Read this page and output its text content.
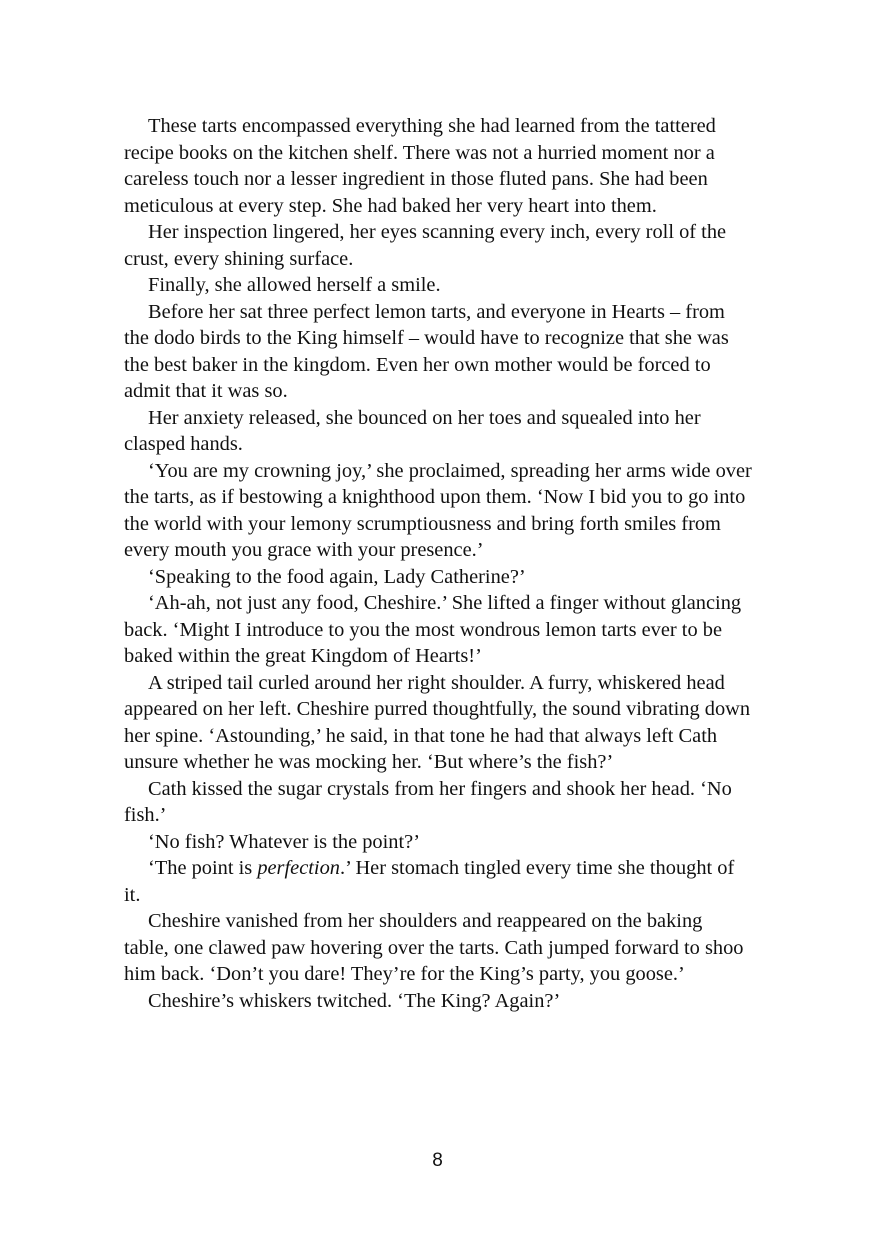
These tarts encompassed everything she had learned from the tattered recipe books on the kitchen shelf. There was not a hurried moment nor a careless touch nor a lesser ingredient in those fluted pans. She had been meticulous at every step. She had baked her very heart into them.

Her inspection lingered, her eyes scanning every inch, every roll of the crust, every shining surface.

Finally, she allowed herself a smile.

Before her sat three perfect lemon tarts, and everyone in Hearts – from the dodo birds to the King himself – would have to recognize that she was the best baker in the kingdom. Even her own mother would be forced to admit that it was so.

Her anxiety released, she bounced on her toes and squealed into her clasped hands.

‘You are my crowning joy,’ she proclaimed, spreading her arms wide over the tarts, as if bestowing a knighthood upon them. ‘Now I bid you to go into the world with your lemony scrumptiousness and bring forth smiles from every mouth you grace with your presence.’

‘Speaking to the food again, Lady Catherine?’

‘Ah-ah, not just any food, Cheshire.’ She lifted a finger without glancing back. ‘Might I introduce to you the most wondrous lemon tarts ever to be baked within the great Kingdom of Hearts!’

A striped tail curled around her right shoulder. A furry, whiskered head appeared on her left. Cheshire purred thoughtfully, the sound vibrating down her spine. ‘Astounding,’ he said, in that tone he had that always left Cath unsure whether he was mocking her. ‘But where’s the fish?’

Cath kissed the sugar crystals from her fingers and shook her head. ‘No fish.’

‘No fish? Whatever is the point?’

‘The point is perfection.’ Her stomach tingled every time she thought of it.

Cheshire vanished from her shoulders and reappeared on the baking table, one clawed paw hovering over the tarts. Cath jumped forward to shoo him back. ‘Don’t you dare! They’re for the King’s party, you goose.’

Cheshire’s whiskers twitched. ‘The King? Again?’

8
